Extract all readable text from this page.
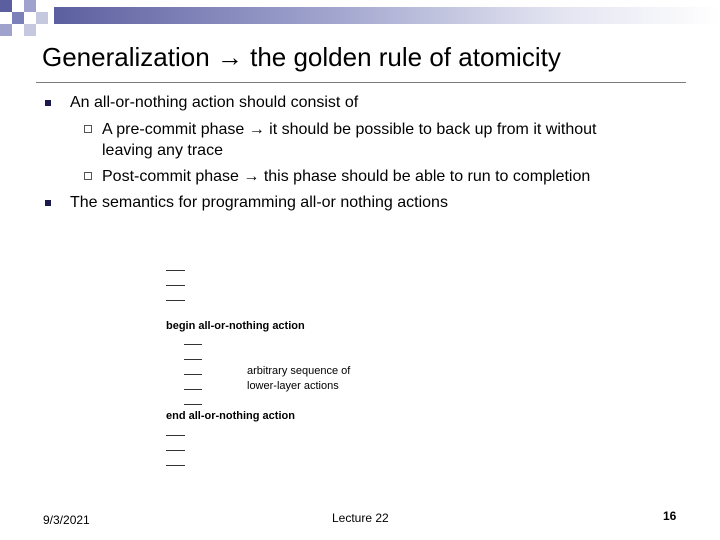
Generalization → the golden rule of atomicity
An all-or-nothing action should consist of
A pre-commit phase → it should be possible to back up from it without
leaving any trace
Post-commit phase → this phase should be able to run to completion
The semantics for programming all-or nothing actions
begin all-or-nothing action
arbitrary sequence of
lower-layer actions
end all-or-nothing action
9/3/2021	Lecture 22	16
